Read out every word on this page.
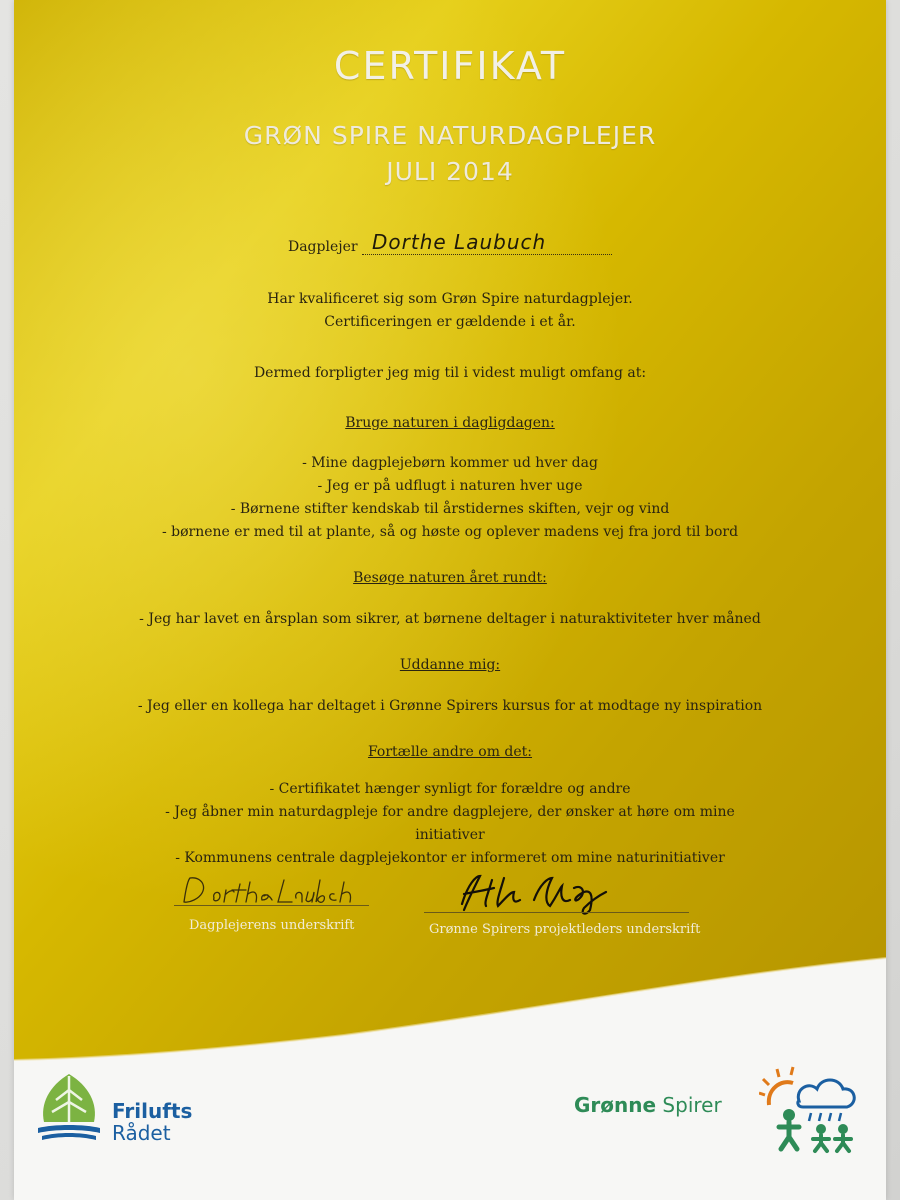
CERTIFIKAT
GRØN SPIRE NATURDAGPLEJER
JULI 2014
Dagplejer Dorthe Laubuch
Har kvalificeret sig som Grøn Spire naturdagplejer.
Certificeringen er gældende i et år.
Dermed forpligter jeg mig til i videst muligt omfang at:
Bruge naturen i dagligdagen:

- Mine dagplejebørn kommer ud hver dag

- Jeg er på udflugt i naturen hver uge

- Børnene stifter kendskab til årstidernes skiften, vejr og vind

- børnene er med til at plante, så og høste og oplever madens vej fra jord til bord

Besøge naturen året rundt:

- Jeg har lavet en årsplan som sikrer, at børnene deltager i naturaktiviteter hver måned

Uddanne mig:

- Jeg eller en kollega har deltaget i Grønne Spirers kursus for at modtage ny inspiration

Fortælle andre om det:

- Certifikatet hænger synligt for forældre og andre

- Jeg åbner min naturdagpleje for andre dagplejere, der ønsker at høre om mine

initiativer

- Kommunens centrale dagplejekontor er informeret om mine naturinitiativer

Dagplejerens underskrift	Grønne Spirers projektleders underskrift
Frilufts
Rådet
Grønne Spirer
